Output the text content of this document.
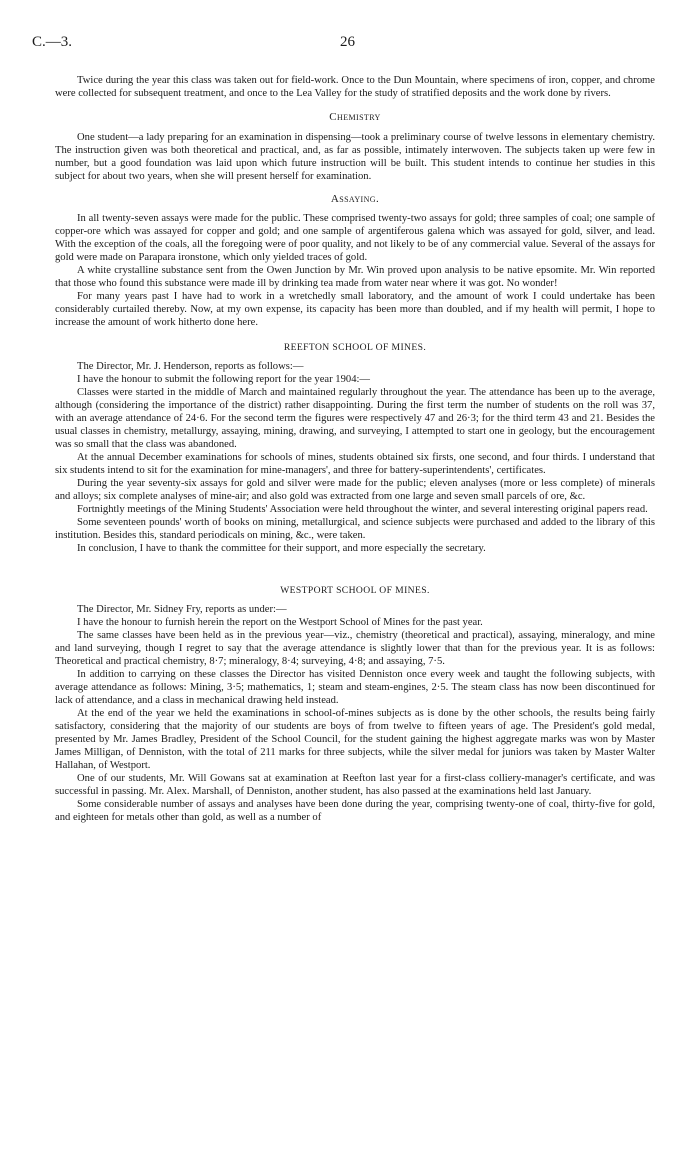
C.—3.	26

Twice during the year this class was taken out for field-work. Once to the Dun Mountain, where specimens of iron, copper, and chrome were collected for subsequent treatment, and once to the Lea Valley for the study of stratified deposits and the work done by rivers.

Chemistry

One student—a lady preparing for an examination in dispensing—took a preliminary course of twelve lessons in elementary chemistry. The instruction given was both theoretical and practical, and, as far as possible, intimately interwoven. The subjects taken up were few in number, but a good foundation was laid upon which future instruction will be built. This student intends to continue her studies in this subject for about two years, when she will present herself for examination.

Assaying.

In all twenty-seven assays were made for the public. These comprised twenty-two assays for gold; three samples of coal; one sample of copper-ore which was assayed for copper and gold; and one sample of argentiferous galena which was assayed for gold, silver, and lead. With the exception of the coals, all the foregoing were of poor quality, and not likely to be of any commercial value. Several of the assays for gold were made on Parapara ironstone, which only yielded traces of gold.

A white crystalline substance sent from the Owen Junction by Mr. Win proved upon analysis to be native epsomite. Mr. Win reported that those who found this substance were made ill by drinking tea made from water near where it was got. No wonder!

For many years past I have had to work in a wretchedly small laboratory, and the amount of work I could undertake has been considerably curtailed thereby. Now, at my own expense, its capacity has been more than doubled, and if my health will permit, I hope to increase the amount of work hitherto done here.

REEFTON SCHOOL OF MINES.

The Director, Mr. J. Henderson, reports as follows:—

I have the honour to submit the following report for the year 1904:—

Classes were started in the middle of March and maintained regularly throughout the year. The attendance has been up to the average, although (considering the importance of the district) rather disappointing. During the first term the number of students on the roll was 37, with an average attendance of 24·6. For the second term the figures were respectively 47 and 26·3; for the third term 43 and 21. Besides the usual classes in chemistry, metallurgy, assaying, mining, drawing, and surveying, I attempted to start one in geology, but the encouragement was so small that the class was abandoned.

At the annual December examinations for schools of mines, students obtained six firsts, one second, and four thirds. I understand that six students intend to sit for the examination for mine-managers', and three for battery-superintendents', certificates.

During the year seventy-six assays for gold and silver were made for the public; eleven analyses (more or less complete) of minerals and alloys; six complete analyses of mine-air; and also gold was extracted from one large and seven small parcels of ore, &c.

Fortnightly meetings of the Mining Students' Association were held throughout the winter, and several interesting original papers read.

Some seventeen pounds' worth of books on mining, metallurgical, and science subjects were purchased and added to the library of this institution. Besides this, standard periodicals on mining, &c., were taken.

In conclusion, I have to thank the committee for their support, and more especially the secretary.

WESTPORT SCHOOL OF MINES.

The Director, Mr. Sidney Fry, reports as under:—

I have the honour to furnish herein the report on the Westport School of Mines for the past year.

The same classes have been held as in the previous year—viz., chemistry (theoretical and practical), assaying, mineralogy, and mine and land surveying, though I regret to say that the average attendance is slightly lower that than for the previous year. It is as follows: Theoretical and practical chemistry, 8·7; mineralogy, 8·4; surveying, 4·8; and assaying, 7·5.

In addition to carrying on these classes the Director has visited Denniston once every week and taught the following subjects, with average attendance as follows: Mining, 3·5; mathematics, 1; steam and steam-engines, 2·5. The steam class has now been discontinued for lack of attendance, and a class in mechanical drawing held instead.

At the end of the year we held the examinations in school-of-mines subjects as is done by the other schools, the results being fairly satisfactory, considering that the majority of our students are boys of from twelve to fifteen years of age. The President's gold medal, presented by Mr. James Bradley, President of the School Council, for the student gaining the highest aggregate marks was won by Master James Milligan, of Denniston, with the total of 211 marks for three subjects, while the silver medal for juniors was taken by Master Walter Hallahan, of Westport.

One of our students, Mr. Will Gowans sat at examination at Reefton last year for a first-class colliery-manager's certificate, and was successful in passing. Mr. Alex. Marshall, of Denniston, another student, has also passed at the examinations held last January.

Some considerable number of assays and analyses have been done during the year, comprising twenty-one of coal, thirty-five for gold, and eighteen for metals other than gold, as well as a number of
